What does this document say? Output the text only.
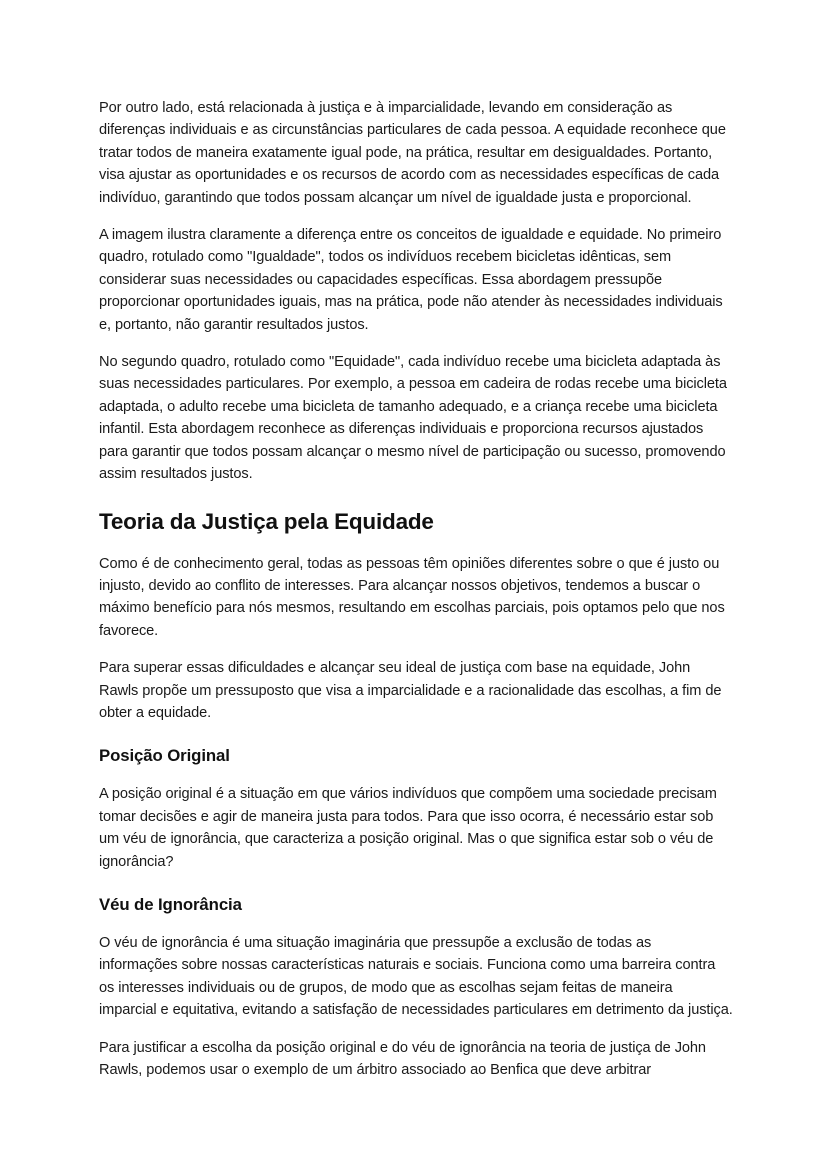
Por outro lado, está relacionada à justiça e à imparcialidade, levando em consideração as diferenças individuais e as circunstâncias particulares de cada pessoa. A equidade reconhece que tratar todos de maneira exatamente igual pode, na prática, resultar em desigualdades. Portanto, visa ajustar as oportunidades e os recursos de acordo com as necessidades específicas de cada indivíduo, garantindo que todos possam alcançar um nível de igualdade justa e proporcional.

A imagem ilustra claramente a diferença entre os conceitos de igualdade e equidade. No primeiro quadro, rotulado como "Igualdade", todos os indivíduos recebem bicicletas idênticas, sem considerar suas necessidades ou capacidades específicas. Essa abordagem pressupõe proporcionar oportunidades iguais, mas na prática, pode não atender às necessidades individuais e, portanto, não garantir resultados justos.

No segundo quadro, rotulado como "Equidade", cada indivíduo recebe uma bicicleta adaptada às suas necessidades particulares. Por exemplo, a pessoa em cadeira de rodas recebe uma bicicleta adaptada, o adulto recebe uma bicicleta de tamanho adequado, e a criança recebe uma bicicleta infantil. Esta abordagem reconhece as diferenças individuais e proporciona recursos ajustados para garantir que todos possam alcançar o mesmo nível de participação ou sucesso, promovendo assim resultados justos.

Teoria da Justiça pela Equidade

Como é de conhecimento geral, todas as pessoas têm opiniões diferentes sobre o que é justo ou injusto, devido ao conflito de interesses. Para alcançar nossos objetivos, tendemos a buscar o máximo benefício para nós mesmos, resultando em escolhas parciais, pois optamos pelo que nos favorece.

Para superar essas dificuldades e alcançar seu ideal de justiça com base na equidade, John Rawls propõe um pressuposto que visa a imparcialidade e a racionalidade das escolhas, a fim de obter a equidade.

Posição Original

A posição original é a situação em que vários indivíduos que compõem uma sociedade precisam tomar decisões e agir de maneira justa para todos. Para que isso ocorra, é necessário estar sob um véu de ignorância, que caracteriza a posição original. Mas o que significa estar sob o véu de ignorância?

Véu de Ignorância

O véu de ignorância é uma situação imaginária que pressupõe a exclusão de todas as informações sobre nossas características naturais e sociais. Funciona como uma barreira contra os interesses individuais ou de grupos, de modo que as escolhas sejam feitas de maneira imparcial e equitativa, evitando a satisfação de necessidades particulares em detrimento da justiça.

Para justificar a escolha da posição original e do véu de ignorância na teoria de justiça de John Rawls, podemos usar o exemplo de um árbitro associado ao Benfica que deve arbitrar
